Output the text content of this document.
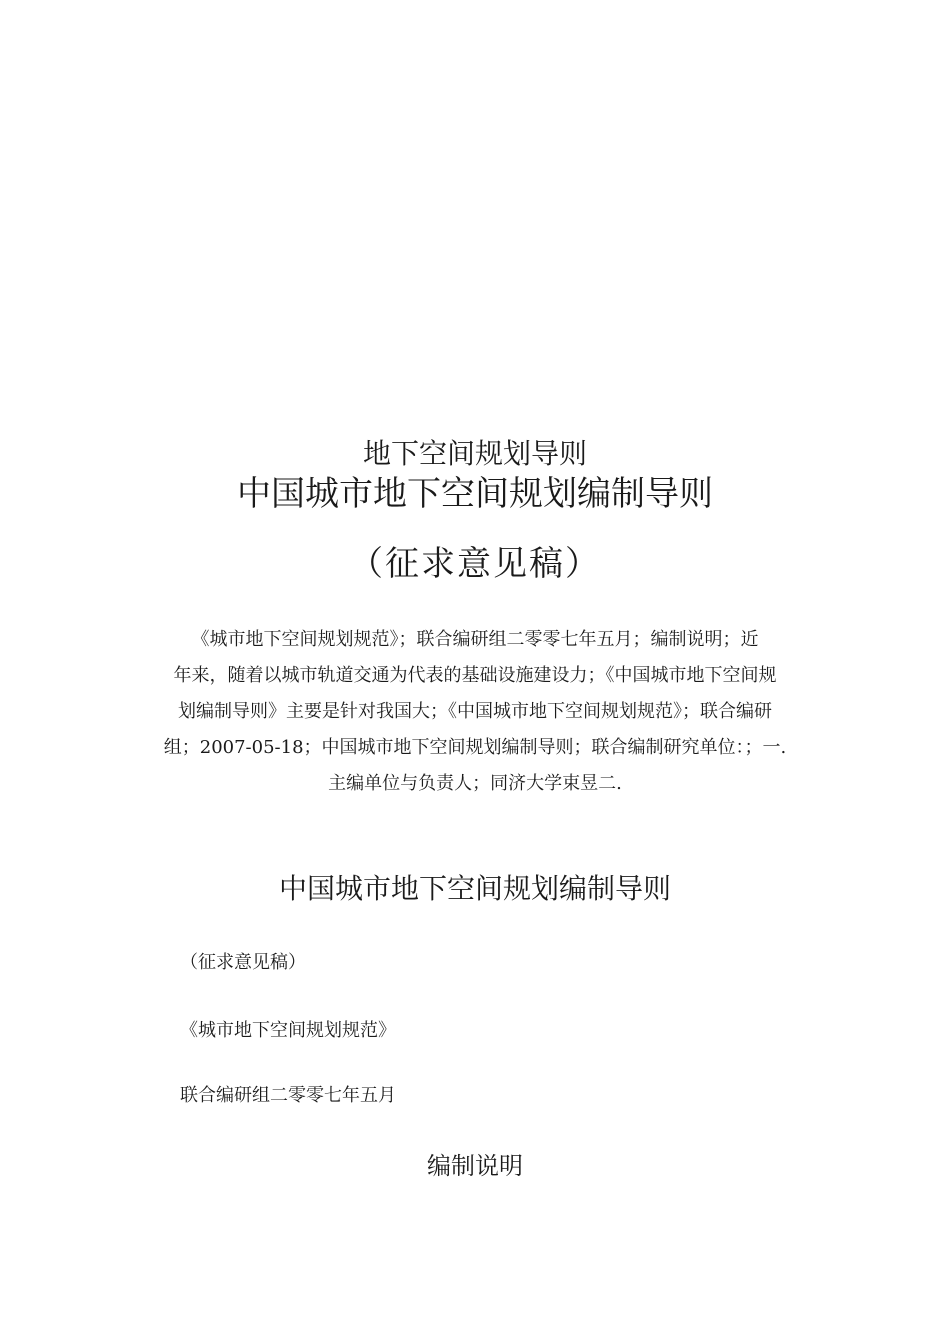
地下空间规划导则
中国城市地下空间规划编制导则
（征求意见稿）
《城市地下空间规划规范》；联合编研组二零零七年五月；编制说明；近
年来，随着以城市轨道交通为代表的基础设施建设力；《中国城市地下空间规
划编制导则》主要是针对我国大；《中国城市地下空间规划规范》；联合编研
组；2007-05-18；中国城市地下空间规划编制导则；联合编制研究单位：；一.
主编单位与负责人；同济大学束昱二.
中国城市地下空间规划编制导则
（征求意见稿）
《城市地下空间规划规范》
联合编研组二零零七年五月
编制说明
